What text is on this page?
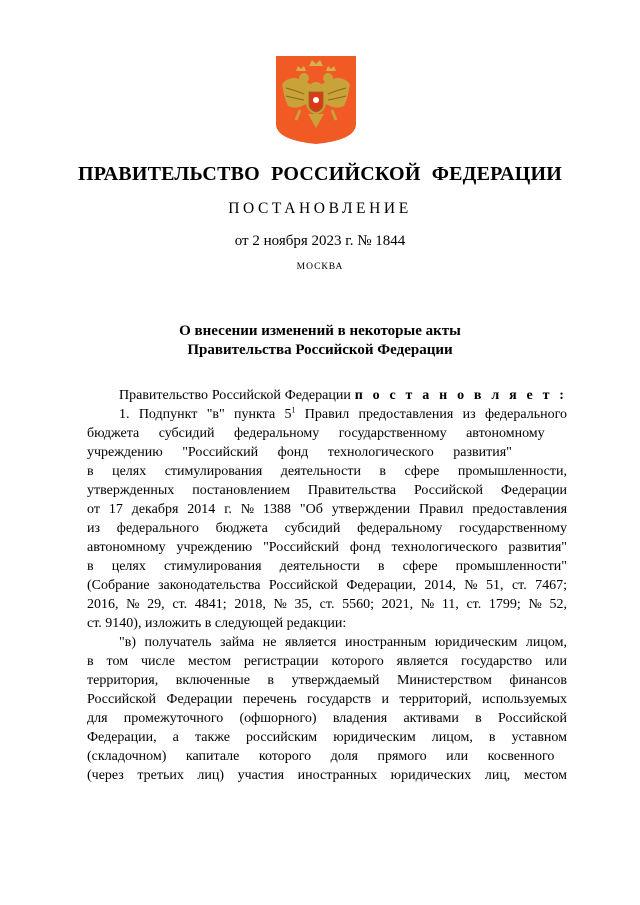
ПРАВИТЕЛЬСТВО РОССИЙСКОЙ ФЕДЕРАЦИИ
ПОСТАНОВЛЕНИЕ
от 2 ноября 2023 г. № 1844
МОСКВА
О внесении изменений в некоторые акты
Правительства Российской Федерации
Правительство Российской Федерации п о с т а н о в л я е т :
1. Подпункт "в" пункта $5^1$ Правил предоставления из федерального
бюджета субсидий федеральному государственному автономному
учреждению "Российский фонд технологического развития"
в целях стимулирования деятельности в сфере промышленности,
утвержденных постановлением Правительства Российской Федерации
от 17 декабря 2014 г. № 1388 "Об утверждении Правил предоставления
из федерального бюджета субсидий федеральному государственному
автономному учреждению "Российский фонд технологического развития"
в целях стимулирования деятельности в сфере промышленности"
(Собрание законодательства Российской Федерации, 2014, № 51, ст. 7467;
2016, № 29, ст. 4841; 2018, № 35, ст. 5560; 2021, № 11, ст. 1799; № 52,
ст. 9140), изложить в следующей редакции:
"в) получатель займа не является иностранным юридическим лицом,
в том числе местом регистрации которого является государство или
территория, включенные в утверждаемый Министерством финансов
Российской Федерации перечень государств и территорий, используемых
для промежуточного (офшорного) владения активами в Российской
Федерации, а также российским юридическим лицом, в уставном
(складочном) капитале которого доля прямого или косвенного
(через третьих лиц) участия иностранных юридических лиц, местом
